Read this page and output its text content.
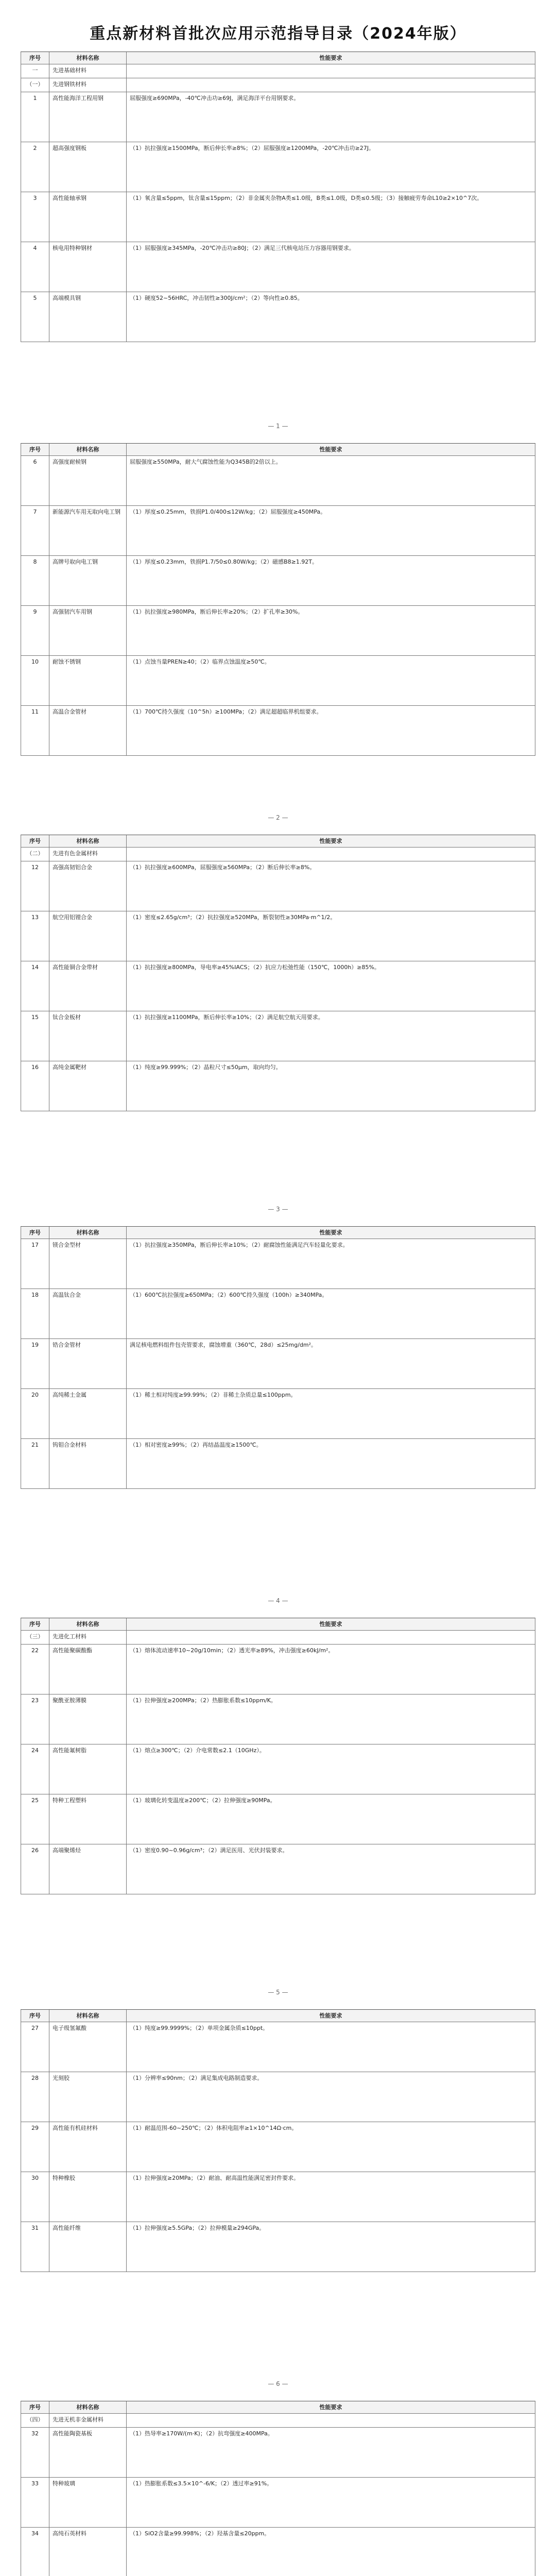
重点新材料首批次应用示范指导目录（2024年版）
序号	材料名称	性能要求
一	先进基础材料
（一）	先进钢铁材料
1	高性能海洋工程用钢	屈服强度≥690MPa，-40℃冲击功≥69J，满足海洋平台用钢要求。
2	超高强度钢板	（1）抗拉强度≥1500MPa，断后伸长率≥8%；（2）屈服强度≥1200MPa，-20℃冲击功≥27J。
3	高性能轴承钢	（1）氧含量≤5ppm，钛含量≤15ppm；（2）非金属夹杂物A类≤1.0级，B类≤1.0级，D类≤0.5级；（3）接触疲劳寿命L10≥2×10^7次。
4	核电用特种钢材	（1）屈服强度≥345MPa，-20℃冲击功≥80J；（2）满足三代核电站压力容器用钢要求。
5	高端模具钢	（1）硬度52~56HRC，冲击韧性≥300J/cm²；（2）等向性≥0.85。
序号	材料名称	性能要求
6	高强度耐候钢	屈服强度≥550MPa，耐大气腐蚀性能为Q345B的2倍以上。
7	新能源汽车用无取向电工钢	（1）厚度≤0.25mm，铁损P1.0/400≤12W/kg；（2）屈服强度≥450MPa。
8	高牌号取向电工钢	（1）厚度≤0.23mm，铁损P1.7/50≤0.80W/kg；（2）磁感B8≥1.92T。
9	高强韧汽车用钢	（1）抗拉强度≥980MPa，断后伸长率≥20%；（2）扩孔率≥30%。
10	耐蚀不锈钢	（1）点蚀当量PREN≥40；（2）临界点蚀温度≥50℃。
11	高温合金管材	（1）700℃持久强度（10^5h）≥100MPa；（2）满足超超临界机组要求。
序号	材料名称	性能要求
（二）	先进有色金属材料
12	高强高韧铝合金	（1）抗拉强度≥600MPa，屈服强度≥560MPa；（2）断后伸长率≥8%。
13	航空用铝锂合金	（1）密度≤2.65g/cm³；（2）抗拉强度≥520MPa，断裂韧性≥30MPa·m^1/2。
14	高性能铜合金带材	（1）抗拉强度≥800MPa，导电率≥45%IACS；（2）抗应力松弛性能（150℃，1000h）≥85%。
15	钛合金板材	（1）抗拉强度≥1100MPa，断后伸长率≥10%；（2）满足航空航天用要求。
16	高纯金属靶材	（1）纯度≥99.999%；（2）晶粒尺寸≤50μm，取向均匀。
序号	材料名称	性能要求
17	镁合金型材	（1）抗拉强度≥350MPa，断后伸长率≥10%；（2）耐腐蚀性能满足汽车轻量化要求。
18	高温钛合金	（1）600℃抗拉强度≥650MPa；（2）600℃持久强度（100h）≥340MPa。
19	锆合金管材	满足核电燃料组件包壳管要求，腐蚀增重（360℃，28d）≤25mg/dm²。
20	高纯稀土金属	（1）稀土相对纯度≥99.99%；（2）非稀土杂质总量≤100ppm。
21	钨钼合金材料	（1）相对密度≥99%；（2）再结晶温度≥1500℃。
序号	材料名称	性能要求
（三）	先进化工材料
22	高性能聚碳酸酯	（1）熔体流动速率10~20g/10min；（2）透光率≥89%，冲击强度≥60kJ/m²。
23	聚酰亚胺薄膜	（1）拉伸强度≥200MPa；（2）热膨胀系数≤10ppm/K。
24	高性能氟树脂	（1）熔点≥300℃；（2）介电常数≤2.1（10GHz）。
25	特种工程塑料	（1）玻璃化转变温度≥200℃；（2）拉伸强度≥90MPa。
26	高端聚烯烃	（1）密度0.90~0.96g/cm³；（2）满足医用、光伏封装要求。
序号	材料名称	性能要求
27	电子级氢氟酸	（1）纯度≥99.9999%；（2）单项金属杂质≤10ppt。
28	光刻胶	（1）分辨率≤90nm；（2）满足集成电路制造要求。
29	高性能有机硅材料	（1）耐温范围-60~250℃；（2）体积电阻率≥1×10^14Ω·cm。
30	特种橡胶	（1）拉伸强度≥20MPa；（2）耐油、耐高温性能满足密封件要求。
31	高性能纤维	（1）拉伸强度≥5.5GPa；（2）拉伸模量≥294GPa。
序号	材料名称	性能要求
（四）	先进无机非金属材料
32	高性能陶瓷基板	（1）热导率≥170W/(m·K)；（2）抗弯强度≥400MPa。
33	特种玻璃	（1）热膨胀系数≤3.5×10^-6/K；（2）透过率≥91%。
34	高纯石英材料	（1）SiO2含量≥99.998%；（2）羟基含量≤20ppm。
— 1 —
— 2 —
— 3 —
— 4 —
— 5 —
— 6 —
